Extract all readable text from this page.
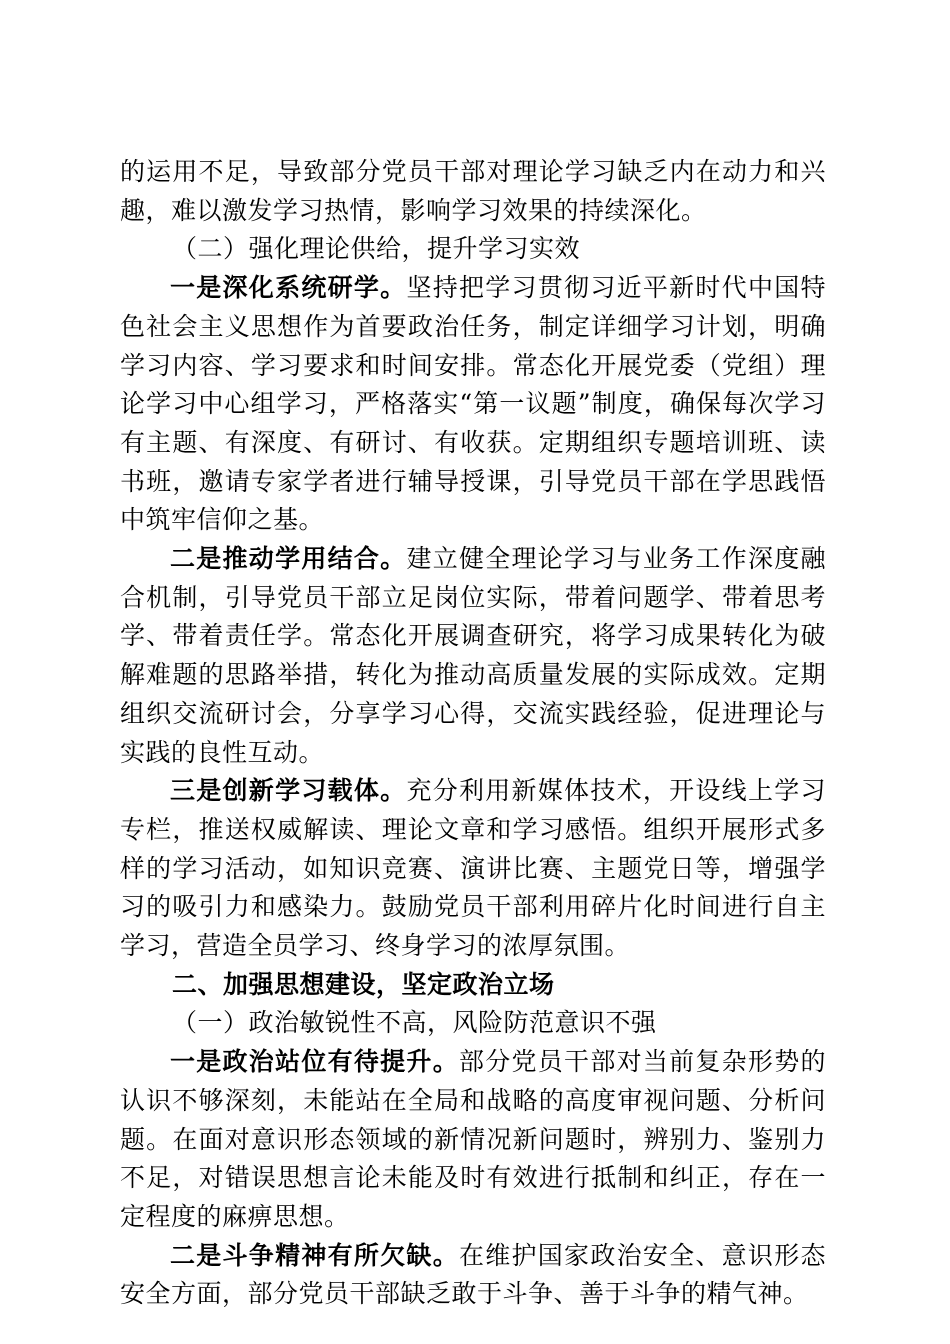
的运用不足，导致部分党员干部对理论学习缺乏内在动力和兴趣，难以激发学习热情，影响学习效果的持续深化。

（二）强化理论供给，提升学习实效

一是深化系统研学。坚持把学习贯彻习近平新时代中国特色社会主义思想作为首要政治任务，制定详细学习计划，明确学习内容、学习要求和时间安排。常态化开展党委（党组）理论学习中心组学习，严格落实“第一议题”制度，确保每次学习有主题、有深度、有研讨、有收获。定期组织专题培训班、读书班，邀请专家学者进行辅导授课，引导党员干部在学思践悟中筑牢信仰之基。

二是推动学用结合。建立健全理论学习与业务工作深度融合机制，引导党员干部立足岗位实际，带着问题学、带着思考学、带着责任学。常态化开展调查研究，将学习成果转化为破解难题的思路举措，转化为推动高质量发展的实际成效。定期组织交流研讨会，分享学习心得，交流实践经验，促进理论与实践的良性互动。

三是创新学习载体。充分利用新媒体技术，开设线上学习专栏，推送权威解读、理论文章和学习感悟。组织开展形式多样的学习活动，如知识竞赛、演讲比赛、主题党日等，增强学习的吸引力和感染力。鼓励党员干部利用碎片化时间进行自主学习，营造全员学习、终身学习的浓厚氛围。

二、加强思想建设，坚定政治立场

（一）政治敏锐性不高，风险防范意识不强

一是政治站位有待提升。部分党员干部对当前复杂形势的认识不够深刻，未能站在全局和战略的高度审视问题、分析问题。在面对意识形态领域的新情况新问题时，辨别力、鉴别力不足，对错误思想言论未能及时有效进行抵制和纠正，存在一定程度的麻痹思想。

二是斗争精神有所欠缺。在维护国家政治安全、意识形态安全方面，部分党员干部缺乏敢于斗争、善于斗争的精气神。
